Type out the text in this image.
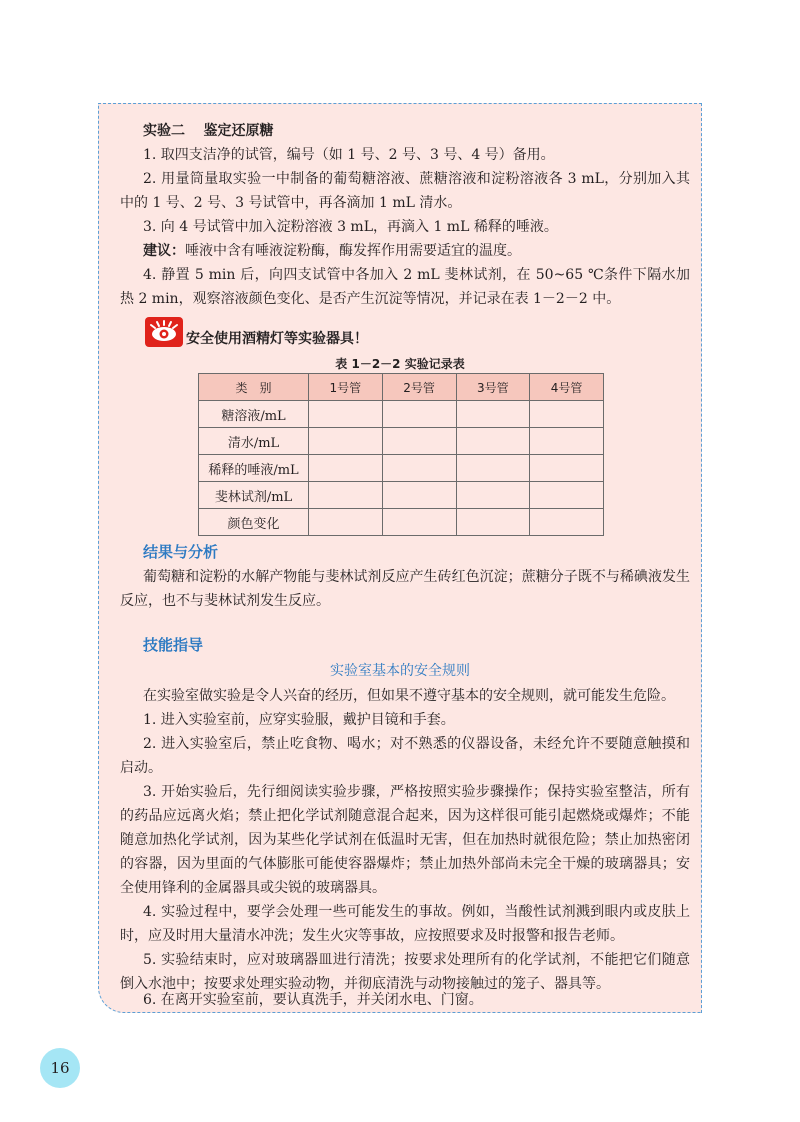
实验二 鉴定还原糖

1. 取四支洁净的试管，编号（如 1 号、2 号、3 号、4 号）备用。

2. 用量筒量取实验一中制备的葡萄糖溶液、蔗糖溶液和淀粉溶液各 3 mL，分别加入其中的 1 号、2 号、3 号试管中，再各滴加 1 mL 清水。

3. 向 4 号试管中加入淀粉溶液 3 mL，再滴入 1 mL 稀释的唾液。

建议：唾液中含有唾液淀粉酶，酶发挥作用需要适宜的温度。

4. 静置 5 min 后，向四支试管中各加入 2 mL 斐林试剂，在 50~65 ℃条件下隔水加热 2 min，观察溶液颜色变化、是否产生沉淀等情况，并记录在表 1－2－2 中。

安全使用酒精灯等实验器具！
表 1－2－2 实验记录表
类　别	1号管	2号管	3号管	4号管
糖溶液/mL				
清水/mL				
稀释的唾液/mL				
斐林试剂/mL				
颜色变化				
结果与分析

葡萄糖和淀粉的水解产物能与斐林试剂反应产生砖红色沉淀；蔗糖分子既不与稀碘液发生反应，也不与斐林试剂发生反应。

技能指导
实验室基本的安全规则

在实验室做实验是令人兴奋的经历，但如果不遵守基本的安全规则，就可能发生危险。

1. 进入实验室前，应穿实验服，戴护目镜和手套。

2. 进入实验室后，禁止吃食物、喝水；对不熟悉的仪器设备，未经允许不要随意触摸和启动。

3. 开始实验后，先行细阅读实验步骤，严格按照实验步骤操作；保持实验室整洁，所有的药品应远离火焰；禁止把化学试剂随意混合起来，因为这样很可能引起燃烧或爆炸；不能随意加热化学试剂，因为某些化学试剂在低温时无害，但在加热时就很危险；禁止加热密闭的容器，因为里面的气体膨胀可能使容器爆炸；禁止加热外部尚未完全干燥的玻璃器具；安全使用锋利的金属器具或尖锐的玻璃器具。

4. 实验过程中，要学会处理一些可能发生的事故。例如，当酸性试剂溅到眼内或皮肤上时，应及时用大量清水冲洗；发生火灾等事故，应按照要求及时报警和报告老师。

5. 实验结束时，应对玻璃器皿进行清洗；按要求处理所有的化学试剂，不能把它们随意倒入水池中；按要求处理实验动物，并彻底清洗与动物接触过的笼子、器具等。

6. 在离开实验室前，要认真洗手，并关闭水电、门窗。

16
